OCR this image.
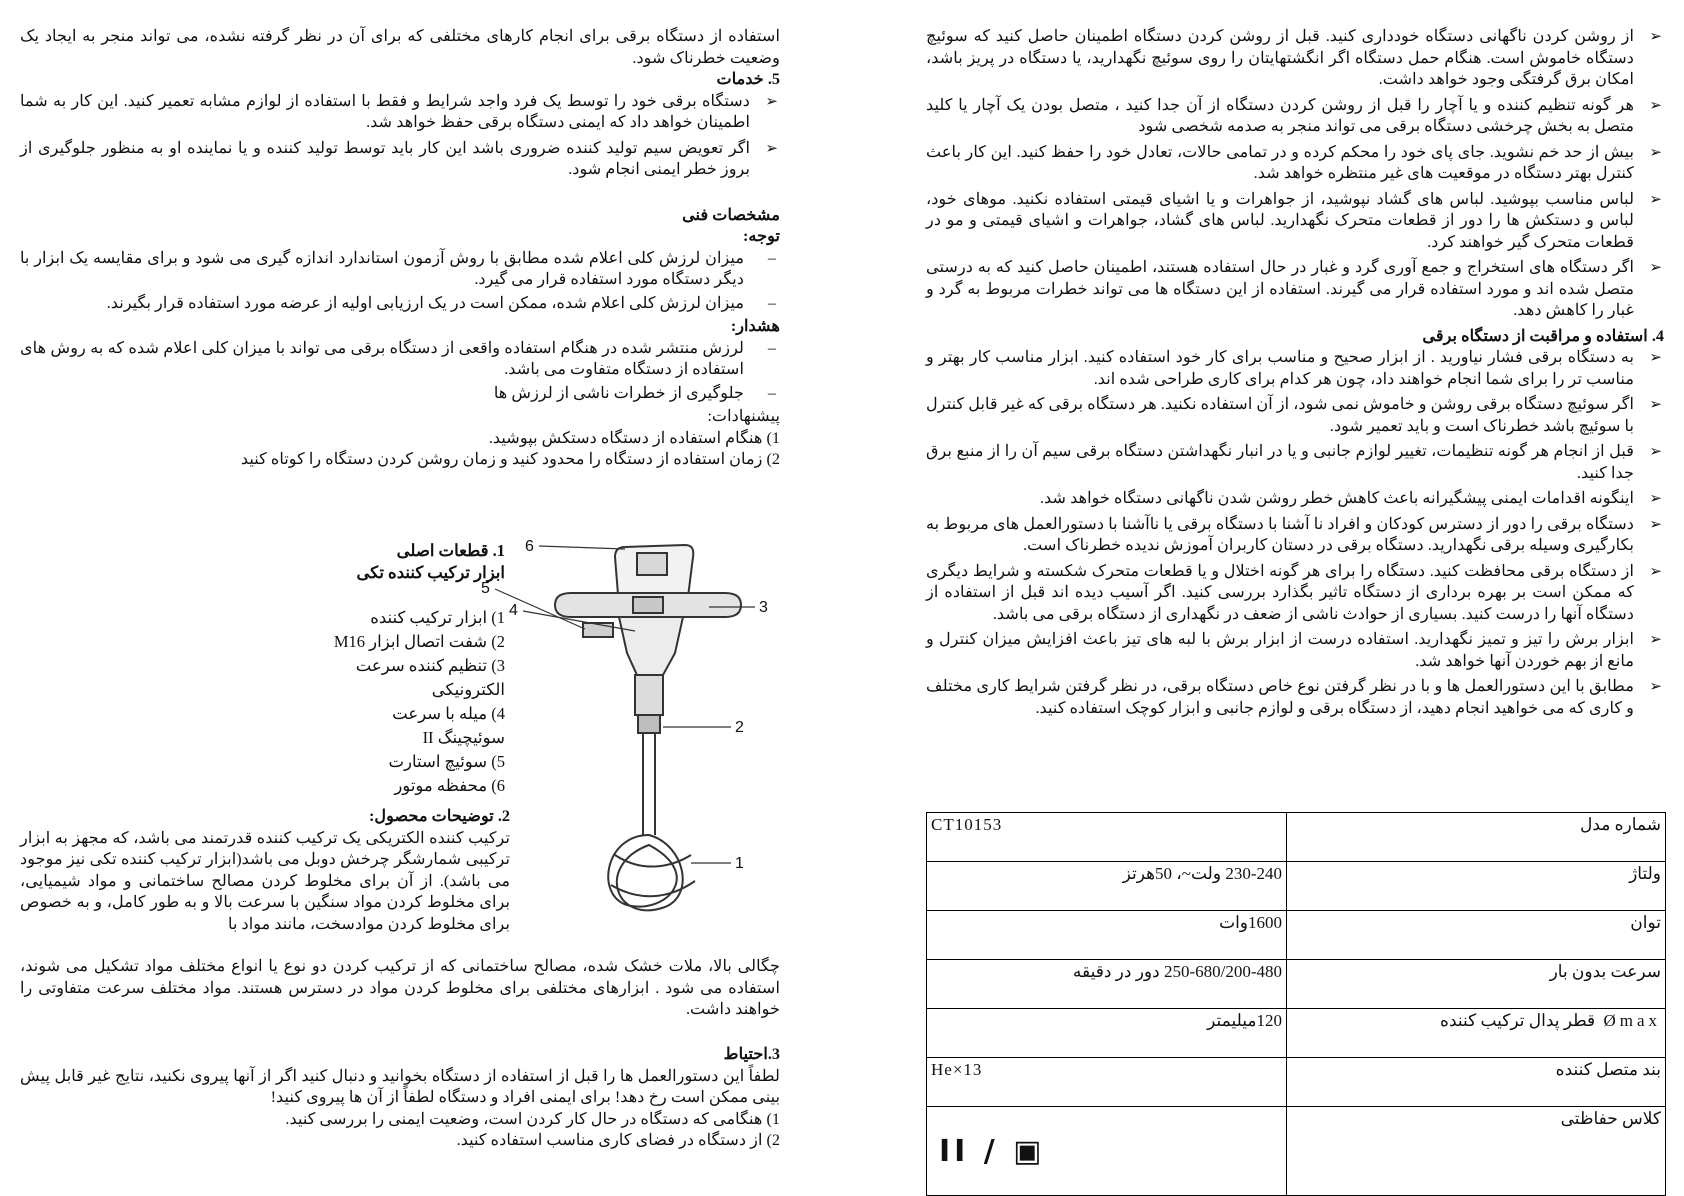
➢ از روشن کردن ناگهانی دستگاه خودداری کنید. قبل از روشن کردن دستگاه اطمینان حاصل کنید که سوئیچ دستگاه خاموش است. هنگام حمل دستگاه اگر انگشتهایتان را روی سوئیچ نگهدارید، یا دستگاه در پریز باشد، امکان برق گرفتگی وجود خواهد داشت.
➢ هر گونه تنظیم کننده و یا آچار را قبل از روشن کردن دستگاه از آن جدا کنید ، متصل بودن یک آچار یا کلید متصل به بخش چرخشی دستگاه برقی می تواند منجر به صدمه شخصی شود
➢ بیش از حد خم نشوید. جای پای خود را محکم کرده و در تمامی حالات، تعادل خود را حفظ کنید. این کار باعث کنترل بهتر دستگاه در موقعیت های غیر منتظره خواهد شد.
➢ لباس مناسب بپوشید. لباس های گشاد نپوشید، از جواهرات و یا اشیای قیمتی استفاده نکنید. موهای خود، لباس و دستکش ها را دور از قطعات متحرک نگهدارید. لباس های گشاد، جواهرات و اشیای قیمتی و مو در قطعات متحرک گیر خواهند کرد.
➢ اگر دستگاه های استخراج و جمع آوری گرد و غبار در حال استفاده هستند، اطمینان حاصل کنید که به درستی متصل شده اند و مورد استفاده قرار می گیرند. استفاده از این دستگاه ها می تواند خطرات مربوط به گرد و غبار را کاهش دهد.
4. استفاده و مراقبت از دستگاه برقی
➢ به دستگاه برقی فشار نیاورید . از ابزار صحیح و مناسب برای کار خود استفاده کنید. ابزار مناسب کار بهتر و مناسب تر را برای شما انجام خواهند داد، چون هر کدام برای کاری طراحی شده اند.
➢ اگر سوئیچ دستگاه برقی روشن و خاموش نمی شود، از آن استفاده نکنید. هر دستگاه برقی که غیر قابل کنترل با سوئیچ باشد خطرناک است و باید تعمیر شود.
➢ قبل از انجام هر گونه تنظیمات، تغییر لوازم جانبی و یا در انبار نگهداشتن دستگاه برقی سیم آن را از منبع برق جدا کنید.
➢ اینگونه اقدامات ایمنی پیشگیرانه باعث کاهش خطر روشن شدن ناگهانی دستگاه خواهد شد.
➢ دستگاه برقی را دور از دسترس کودکان و افراد نا آشنا با دستگاه برقی یا ناآشنا با دستورالعمل های مربوط به بکارگیری وسیله برقی نگهدارید. دستگاه برقی در دستان کاربران آموزش ندیده خطرناک است.
➢ از دستگاه برقی محافظت کنید. دستگاه را برای هر گونه اختلال و یا قطعات متحرک شکسته و شرایط دیگری که ممکن است بر بهره برداری از دستگاه تاثیر بگذارد بررسی کنید. اگر آسیب دیده اند قبل از استفاده از دستگاه آنها را درست کنید. بسیاری از حوادث ناشی از ضعف در نگهداری از دستگاه برقی می باشد.
➢ ابزار برش را تیز و تمیز نگهدارید. استفاده درست از ابزار برش با لبه های تیز باعث افزایش میزان کنترل و مانع از بهم خوردن آنها خواهد شد.
➢ مطابق با این دستورالعمل ها و با در نظر گرفتن نوع خاص دستگاه برقی، در نظر گرفتن شرایط کاری مختلف و کاری که می خواهید انجام دهید، از دستگاه برقی و لوازم جانبی و ابزار کوچک استفاده کنید.
CT10153	شماره مدل
230-240 ولت~، 50هرتز	ولتاژ
1600وات	توان
250-680/200-480 دور در دقیقه	سرعت بدون بار
120میلیمتر	Ømax قطر پدال ترکیب کننده
He×13	بند متصل کننده
II / ▣	کلاس حفاظتی
استفاده از دستگاه برقی برای انجام کارهای مختلفی که برای آن در نظر گرفته نشده، می تواند منجر به ایجاد یک وضعیت خطرناک شود.
5. خدمات
➢ دستگاه برقی خود را توسط یک فرد واجد شرایط و فقط با استفاده از لوازم مشابه تعمیر کنید. این کار به شما اطمینان خواهد داد که ایمنی دستگاه برقی حفظ خواهد شد.
➢ اگر تعویض سیم تولید کننده ضروری باشد این کار باید توسط تولید کننده و یا نماینده او به منظور جلوگیری از بروز خطر ایمنی انجام شود.
مشخصات فنی
توجه:
– میزان لرزش کلی اعلام شده مطابق با روش آزمون استاندارد اندازه گیری می شود و برای مقایسه یک ابزار با دیگر دستگاه مورد استفاده قرار می گیرد.
– میزان لرزش کلی اعلام شده، ممکن است در یک ارزیابی اولیه از عرضه مورد استفاده قرار بگیرند.
هشدار:
– لرزش منتشر شده در هنگام استفاده واقعی از دستگاه برقی می تواند با میزان کلی اعلام شده که به روش های استفاده از دستگاه متفاوت می باشد.
– جلوگیری از خطرات ناشی از لرزش ها
پیشنهادات:
1) هنگام استفاده از دستگاه دستکش بپوشید.
2) زمان استفاده از دستگاه را محدود کنید و زمان روشن کردن دستگاه را کوتاه کنید
1. قطعات اصلی
ابزار ترکیب کننده تکی
1) ابزار ترکیب کننده
2) شفت اتصال ابزار M16
3) تنظیم کننده سرعت الکترونیکی
4) میله با سرعت سوئیچینگ II
5) سوئیچ استارت
6) محفظه موتور
6
5
4	3
2
1
2. توضیحات محصول:
ترکیب کننده الکتریکی یک ترکیب کننده قدرتمند می باشد، که مجهز به ابزار ترکیبی شمارشگر چرخش دوبل می باشد(ابزار ترکیب کننده تکی نیز موجود می باشد). از آن برای مخلوط کردن مصالح ساختمانی و مواد شیمیایی، برای مخلوط کردن مواد سنگین با سرعت بالا و به طور کامل، و به خصوص برای مخلوط کردن مواد‌سخت، مانند مواد با
چگالی بالا، ملات خشک شده، مصالح ساختمانی که از ترکیب کردن دو نوع یا انواع مختلف مواد تشکیل می شوند، استفاده می شود . ابزارهای مختلفی برای مخلوط کردن مواد در دسترس هستند. مواد مختلف سرعت متفاوتی را خواهند داشت.
3.احتیاط
لطفاً این دستورالعمل ها را قبل از استفاده از دستگاه بخوانید و دنبال کنید اگر از آنها پیروی نکنید، نتایج غیر قابل پیش بینی ممکن است رخ دهد! برای ایمنی افراد و دستگاه لطفاً از آن ها پیروی کنید!
1) هنگامی که دستگاه در حال کار کردن است، وضعیت ایمنی را بررسی کنید.
2) از دستگاه در فضای کاری مناسب استفاده کنید.
